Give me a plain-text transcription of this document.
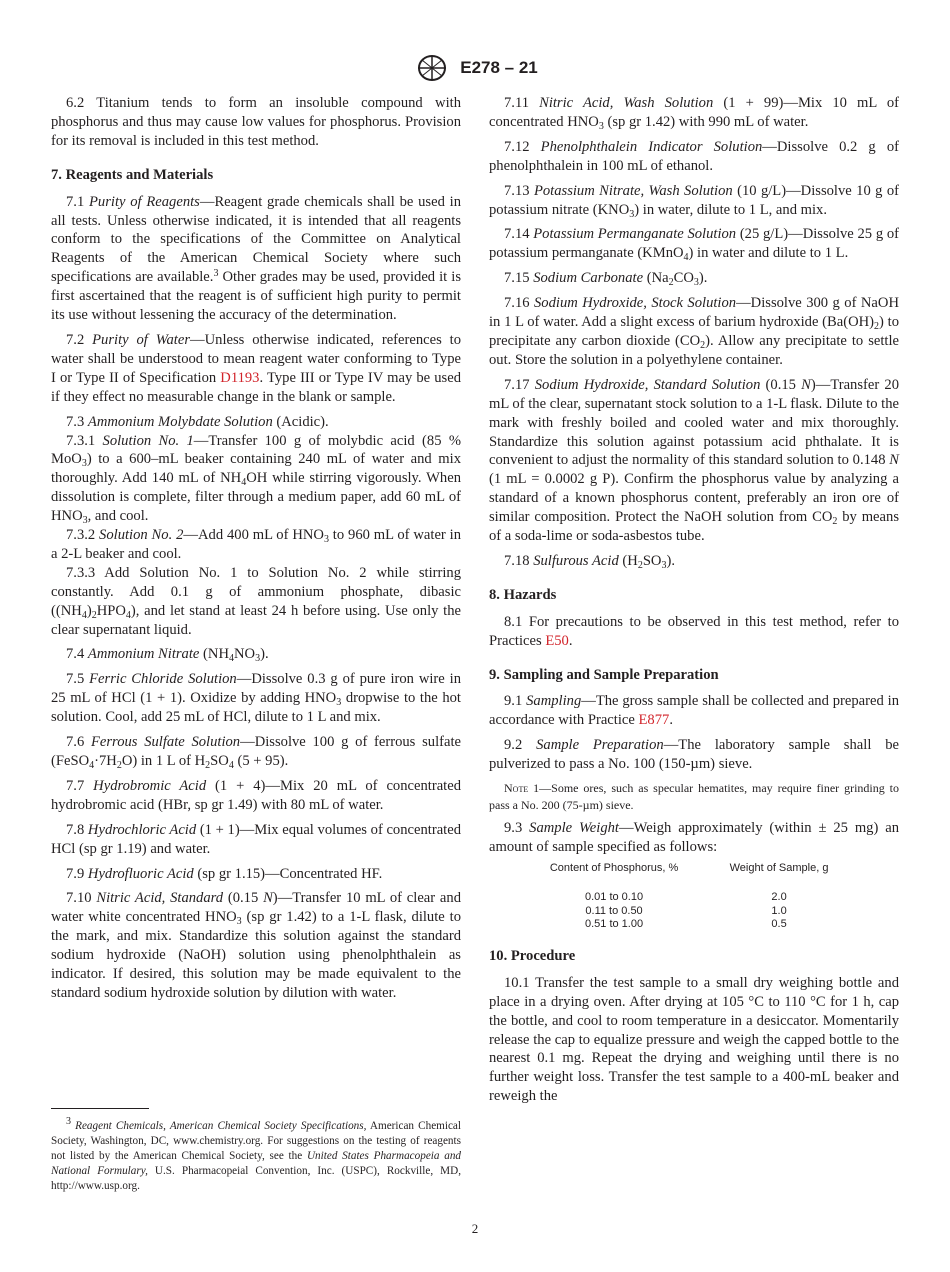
E278 – 21

6.2 Titanium tends to form an insoluble compound with phosphorus and thus may cause low values for phosphorus. Provision for its removal is included in this test method.

7. Reagents and Materials

7.1 Purity of Reagents—Reagent grade chemicals shall be used in all tests. Unless otherwise indicated, it is intended that all reagents conform to the specifications of the Committee on Analytical Reagents of the American Chemical Society where such specifications are available.$^3$ Other grades may be used, provided it is first ascertained that the reagent is of sufficient high purity to permit its use without lessening the accuracy of the determination.

7.2 Purity of Water—Unless otherwise indicated, references to water shall be understood to mean reagent water conforming to Type I or Type II of Specification D1193. Type III or Type IV may be used if they effect no measurable change in the blank or sample.

7.3 Ammonium Molybdate Solution (Acidic).

7.3.1 Solution No. 1—Transfer 100 g of molybdic acid (85 % MoO$_3$) to a 600–mL beaker containing 240 mL of water and mix thoroughly. Add 140 mL of $NH_4OH$ while stirring vigorously. When dissolution is complete, filter through a medium paper, add 60 mL of $HNO_3$, and cool.

7.3.2 Solution No. 2—Add 400 mL of $HNO_3$ to 960 mL of water in a 2-L beaker and cool.

7.3.3 Add Solution No. 1 to Solution No. 2 while stirring constantly. Add 0.1 g of ammonium phosphate, dibasic $((NH_4)_2HPO_4)$, and let stand at least 24 h before using. Use only the clear supernatant liquid.

7.4 Ammonium Nitrate $(NH_4NO_3)$.

7.5 Ferric Chloride Solution—Dissolve 0.3 g of pure iron wire in 25 mL of HCl (1 + 1). Oxidize by adding $HNO_3$ dropwise to the hot solution. Cool, add 25 mL of HCl, dilute to 1 L and mix.

7.6 Ferrous Sulfate Solution—Dissolve 100 g of ferrous sulfate $(FeSO_4\cdot 7H_2O)$ in 1 L of $H_2SO_4$ (5 + 95).

7.7 Hydrobromic Acid (1 + 4)—Mix 20 mL of concentrated hydrobromic acid (HBr, sp gr 1.49) with 80 mL of water.

7.8 Hydrochloric Acid (1 + 1)—Mix equal volumes of concentrated HCl (sp gr 1.19) and water.

7.9 Hydrofluoric Acid (sp gr 1.15)—Concentrated HF.

7.10 Nitric Acid, Standard (0.15 N)—Transfer 10 mL of clear and water white concentrated $HNO_3$ (sp gr 1.42) to a 1-L flask, dilute to the mark, and mix. Standardize this solution against the standard sodium hydroxide (NaOH) solution using phenolphthalein as indicator. If desired, this solution may be made equivalent to the standard sodium hydroxide solution by dilution with water.

$^3$ Reagent Chemicals, American Chemical Society Specifications, American Chemical Society, Washington, DC, www.chemistry.org. For suggestions on the testing of reagents not listed by the American Chemical Society, see the United States Pharmacopeia and National Formulary, U.S. Pharmacopeial Convention, Inc. (USPC), Rockville, MD, http://www.usp.org.

7.11 Nitric Acid, Wash Solution (1 + 99)—Mix 10 mL of concentrated $HNO_3$ (sp gr 1.42) with 990 mL of water.

7.12 Phenolphthalein Indicator Solution—Dissolve 0.2 g of phenolphthalein in 100 mL of ethanol.

7.13 Potassium Nitrate, Wash Solution (10 g/L)—Dissolve 10 g of potassium nitrate $(KNO_3)$ in water, dilute to 1 L, and mix.

7.14 Potassium Permanganate Solution (25 g/L)—Dissolve 25 g of potassium permanganate (KMnO$_4$) in water and dilute to 1 L.

7.15 Sodium Carbonate $(Na_2CO_3)$.

7.16 Sodium Hydroxide, Stock Solution—Dissolve 300 g of NaOH in 1 L of water. Add a slight excess of barium hydroxide $(Ba(OH)_2)$ to precipitate any carbon dioxide $(CO_2)$. Allow any precipitate to settle out. Store the solution in a polyethylene container.

7.17 Sodium Hydroxide, Standard Solution (0.15 N)—Transfer 20 mL of the clear, supernatant stock solution to a 1-L flask. Dilute to the mark with freshly boiled and cooled water and mix thoroughly. Standardize this solution against potassium acid phthalate. It is convenient to adjust the normality of this standard solution to 0.148 N (1 mL = 0.0002 g P). Confirm the phosphorus value by analyzing a standard of a known phosphorus content, preferably an iron ore of similar composition. Protect the NaOH solution from $CO_2$ by means of a soda-lime or soda-asbestos tube.

7.18 Sulfurous Acid $(H_2SO_3)$.

8. Hazards

8.1 For precautions to be observed in this test method, refer to Practices E50.

9. Sampling and Sample Preparation

9.1 Sampling—The gross sample shall be collected and prepared in accordance with Practice E877.

9.2 Sample Preparation—The laboratory sample shall be pulverized to pass a No. 100 (150-µm) sieve.

Note 1—Some ores, such as specular hematites, may require finer grinding to pass a No. 200 (75-µm) sieve.

9.3 Sample Weight—Weigh approximately (within ± 25 mg) an amount of sample specified as follows:

Content of Phosphorus, %	Weight of Sample, g
0.01 to 0.10	2.0
0.11 to 0.50	1.0
0.51 to 1.00	0.5
10. Procedure

10.1 Transfer the test sample to a small dry weighing bottle and place in a drying oven. After drying at 105 °C to 110 °C for 1 h, cap the bottle, and cool to room temperature in a desiccator. Momentarily release the cap to equalize pressure and weigh the capped bottle to the nearest 0.1 mg. Repeat the drying and weighing until there is no further weight loss. Transfer the test sample to a 400-mL beaker and reweigh the

2
